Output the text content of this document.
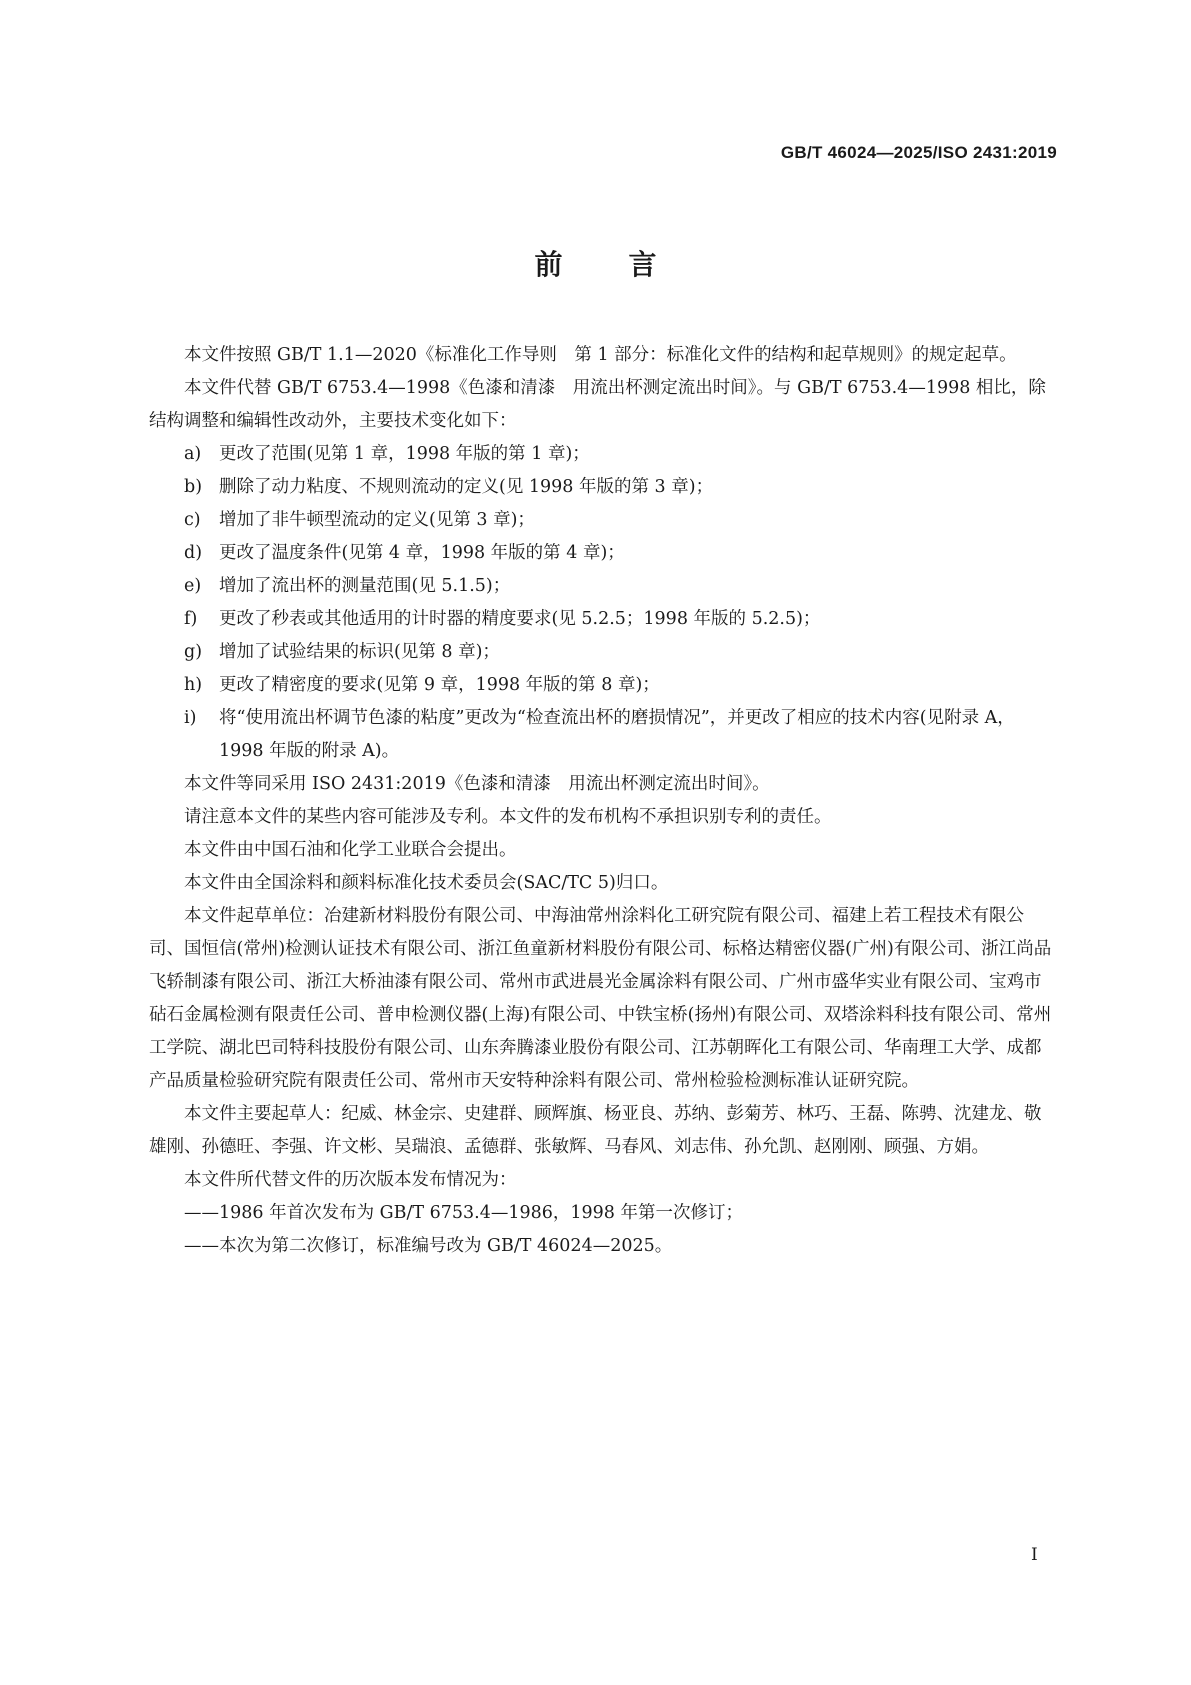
GB/T 46024—2025/ISO 2431:2019
前 言

本文件按照 GB/T 1.1—2020《标准化工作导则　第 1 部分：标准化文件的结构和起草规则》的规定起草。

本文件代替 GB/T 6753.4—1998《色漆和清漆　用流出杯测定流出时间》。与 GB/T 6753.4—1998 相比，除结构调整和编辑性改动外，主要技术变化如下：

a) 更改了范围(见第 1 章，1998 年版的第 1 章)；

b) 删除了动力粘度、不规则流动的定义(见 1998 年版的第 3 章)；

c) 增加了非牛顿型流动的定义(见第 3 章)；

d) 更改了温度条件(见第 4 章，1998 年版的第 4 章)；

e) 增加了流出杯的测量范围(见 5.1.5)；

f) 更改了秒表或其他适用的计时器的精度要求(见 5.2.5；1998 年版的 5.2.5)；

g) 增加了试验结果的标识(见第 8 章)；

h) 更改了精密度的要求(见第 9 章，1998 年版的第 8 章)；

i) 将“使用流出杯调节色漆的粘度”更改为“检查流出杯的磨损情况”，并更改了相应的技术内容(见附录 A，1998 年版的附录 A)。

本文件等同采用 ISO 2431:2019《色漆和清漆　用流出杯测定流出时间》。

请注意本文件的某些内容可能涉及专利。本文件的发布机构不承担识别专利的责任。

本文件由中国石油和化学工业联合会提出。

本文件由全国涂料和颜料标准化技术委员会(SAC/TC 5)归口。

本文件起草单位：冶建新材料股份有限公司、中海油常州涂料化工研究院有限公司、福建上若工程技术有限公司、国恒信(常州)检测认证技术有限公司、浙江鱼童新材料股份有限公司、标格达精密仪器(广州)有限公司、浙江尚品飞轿制漆有限公司、浙江大桥油漆有限公司、常州市武进晨光金属涂料有限公司、广州市盛华实业有限公司、宝鸡市砧石金属检测有限责任公司、普申检测仪器(上海)有限公司、中铁宝桥(扬州)有限公司、双塔涂料科技有限公司、常州工学院、湖北巴司特科技股份有限公司、山东奔腾漆业股份有限公司、江苏朝晖化工有限公司、华南理工大学、成都产品质量检验研究院有限责任公司、常州市天安特种涂料有限公司、常州检验检测标准认证研究院。

本文件主要起草人：纪威、林金宗、史建群、顾辉旗、杨亚良、苏纳、彭菊芳、林巧、王磊、陈骋、沈建龙、敬雄刚、孙德旺、李强、许文彬、吴瑞浪、孟德群、张敏辉、马春风、刘志伟、孙允凯、赵刚刚、顾强、方娟。

本文件所代替文件的历次版本发布情况为：

——1986 年首次发布为 GB/T 6753.4—1986，1998 年第一次修订；

——本次为第二次修订，标准编号改为 GB/T 46024—2025。

I
